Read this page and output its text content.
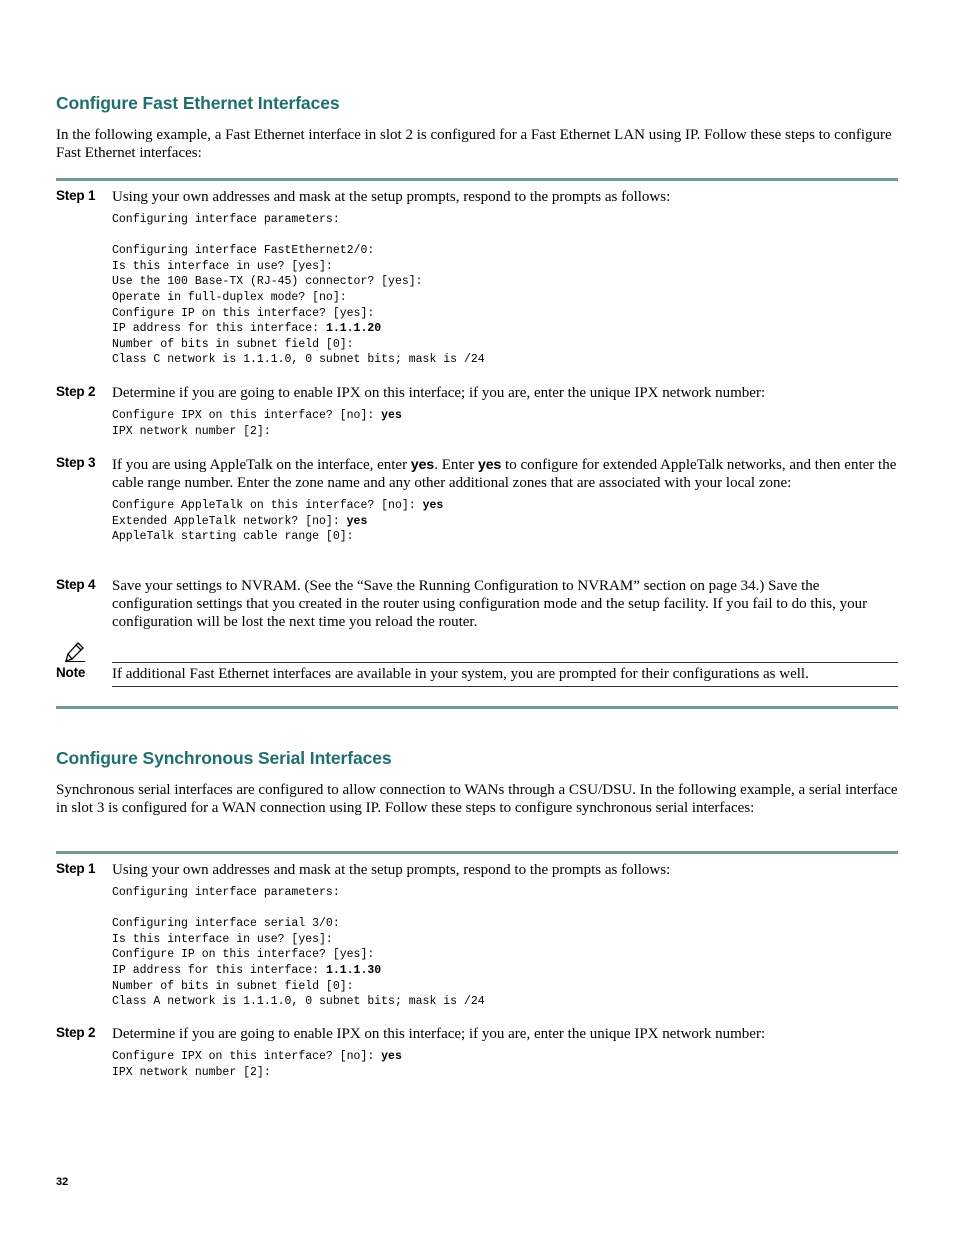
Configure Fast Ethernet Interfaces

In the following example, a Fast Ethernet interface in slot 2 is configured for a Fast Ethernet LAN using IP. Follow these steps to configure Fast Ethernet interfaces:

Step 1 Using your own addresses and mask at the setup prompts, respond to the prompts as follows:

Configuring interface parameters:

Configuring interface FastEthernet2/0:
Is this interface in use? [yes]:
Use the 100 Base-TX (RJ-45) connector? [yes]:
Operate in full-duplex mode? [no]:
Configure IP on this interface? [yes]:
IP address for this interface: 1.1.1.20
Number of bits in subnet field [0]:
Class C network is 1.1.1.0, 0 subnet bits; mask is /24
Step 2 Determine if you are going to enable IPX on this interface; if you are, enter the unique IPX network number:

Configure IPX on this interface? [no]: yes
IPX network number [2]:
Step 3 If you are using AppleTalk on the interface, enter yes. Enter yes to configure for extended AppleTalk networks, and then enter the cable range number. Enter the zone name and any other additional zones that are associated with your local zone:

Configure AppleTalk on this interface? [no]: yes
Extended AppleTalk network? [no]: yes
AppleTalk starting cable range [0]:
Step 4 Save your settings to NVRAM. (See the “Save the Running Configuration to NVRAM” section on page 34.) Save the configuration settings that you created in the router using configuration mode and the setup facility. If you fail to do this, your configuration will be lost the next time you reload the router.

Note If additional Fast Ethernet interfaces are available in your system, you are prompted for their configurations as well.

Configure Synchronous Serial Interfaces

Synchronous serial interfaces are configured to allow connection to WANs through a CSU/DSU. In the following example, a serial interface in slot 3 is configured for a WAN connection using IP. Follow these steps to configure synchronous serial interfaces:

Step 1 Using your own addresses and mask at the setup prompts, respond to the prompts as follows:

Configuring interface parameters:

Configuring interface serial 3/0:
Is this interface in use? [yes]:
Configure IP on this interface? [yes]:
IP address for this interface: 1.1.1.30
Number of bits in subnet field [0]:
Class A network is 1.1.1.0, 0 subnet bits; mask is /24
Step 2 Determine if you are going to enable IPX on this interface; if you are, enter the unique IPX network number:

Configure IPX on this interface? [no]: yes
IPX network number [2]:
32
